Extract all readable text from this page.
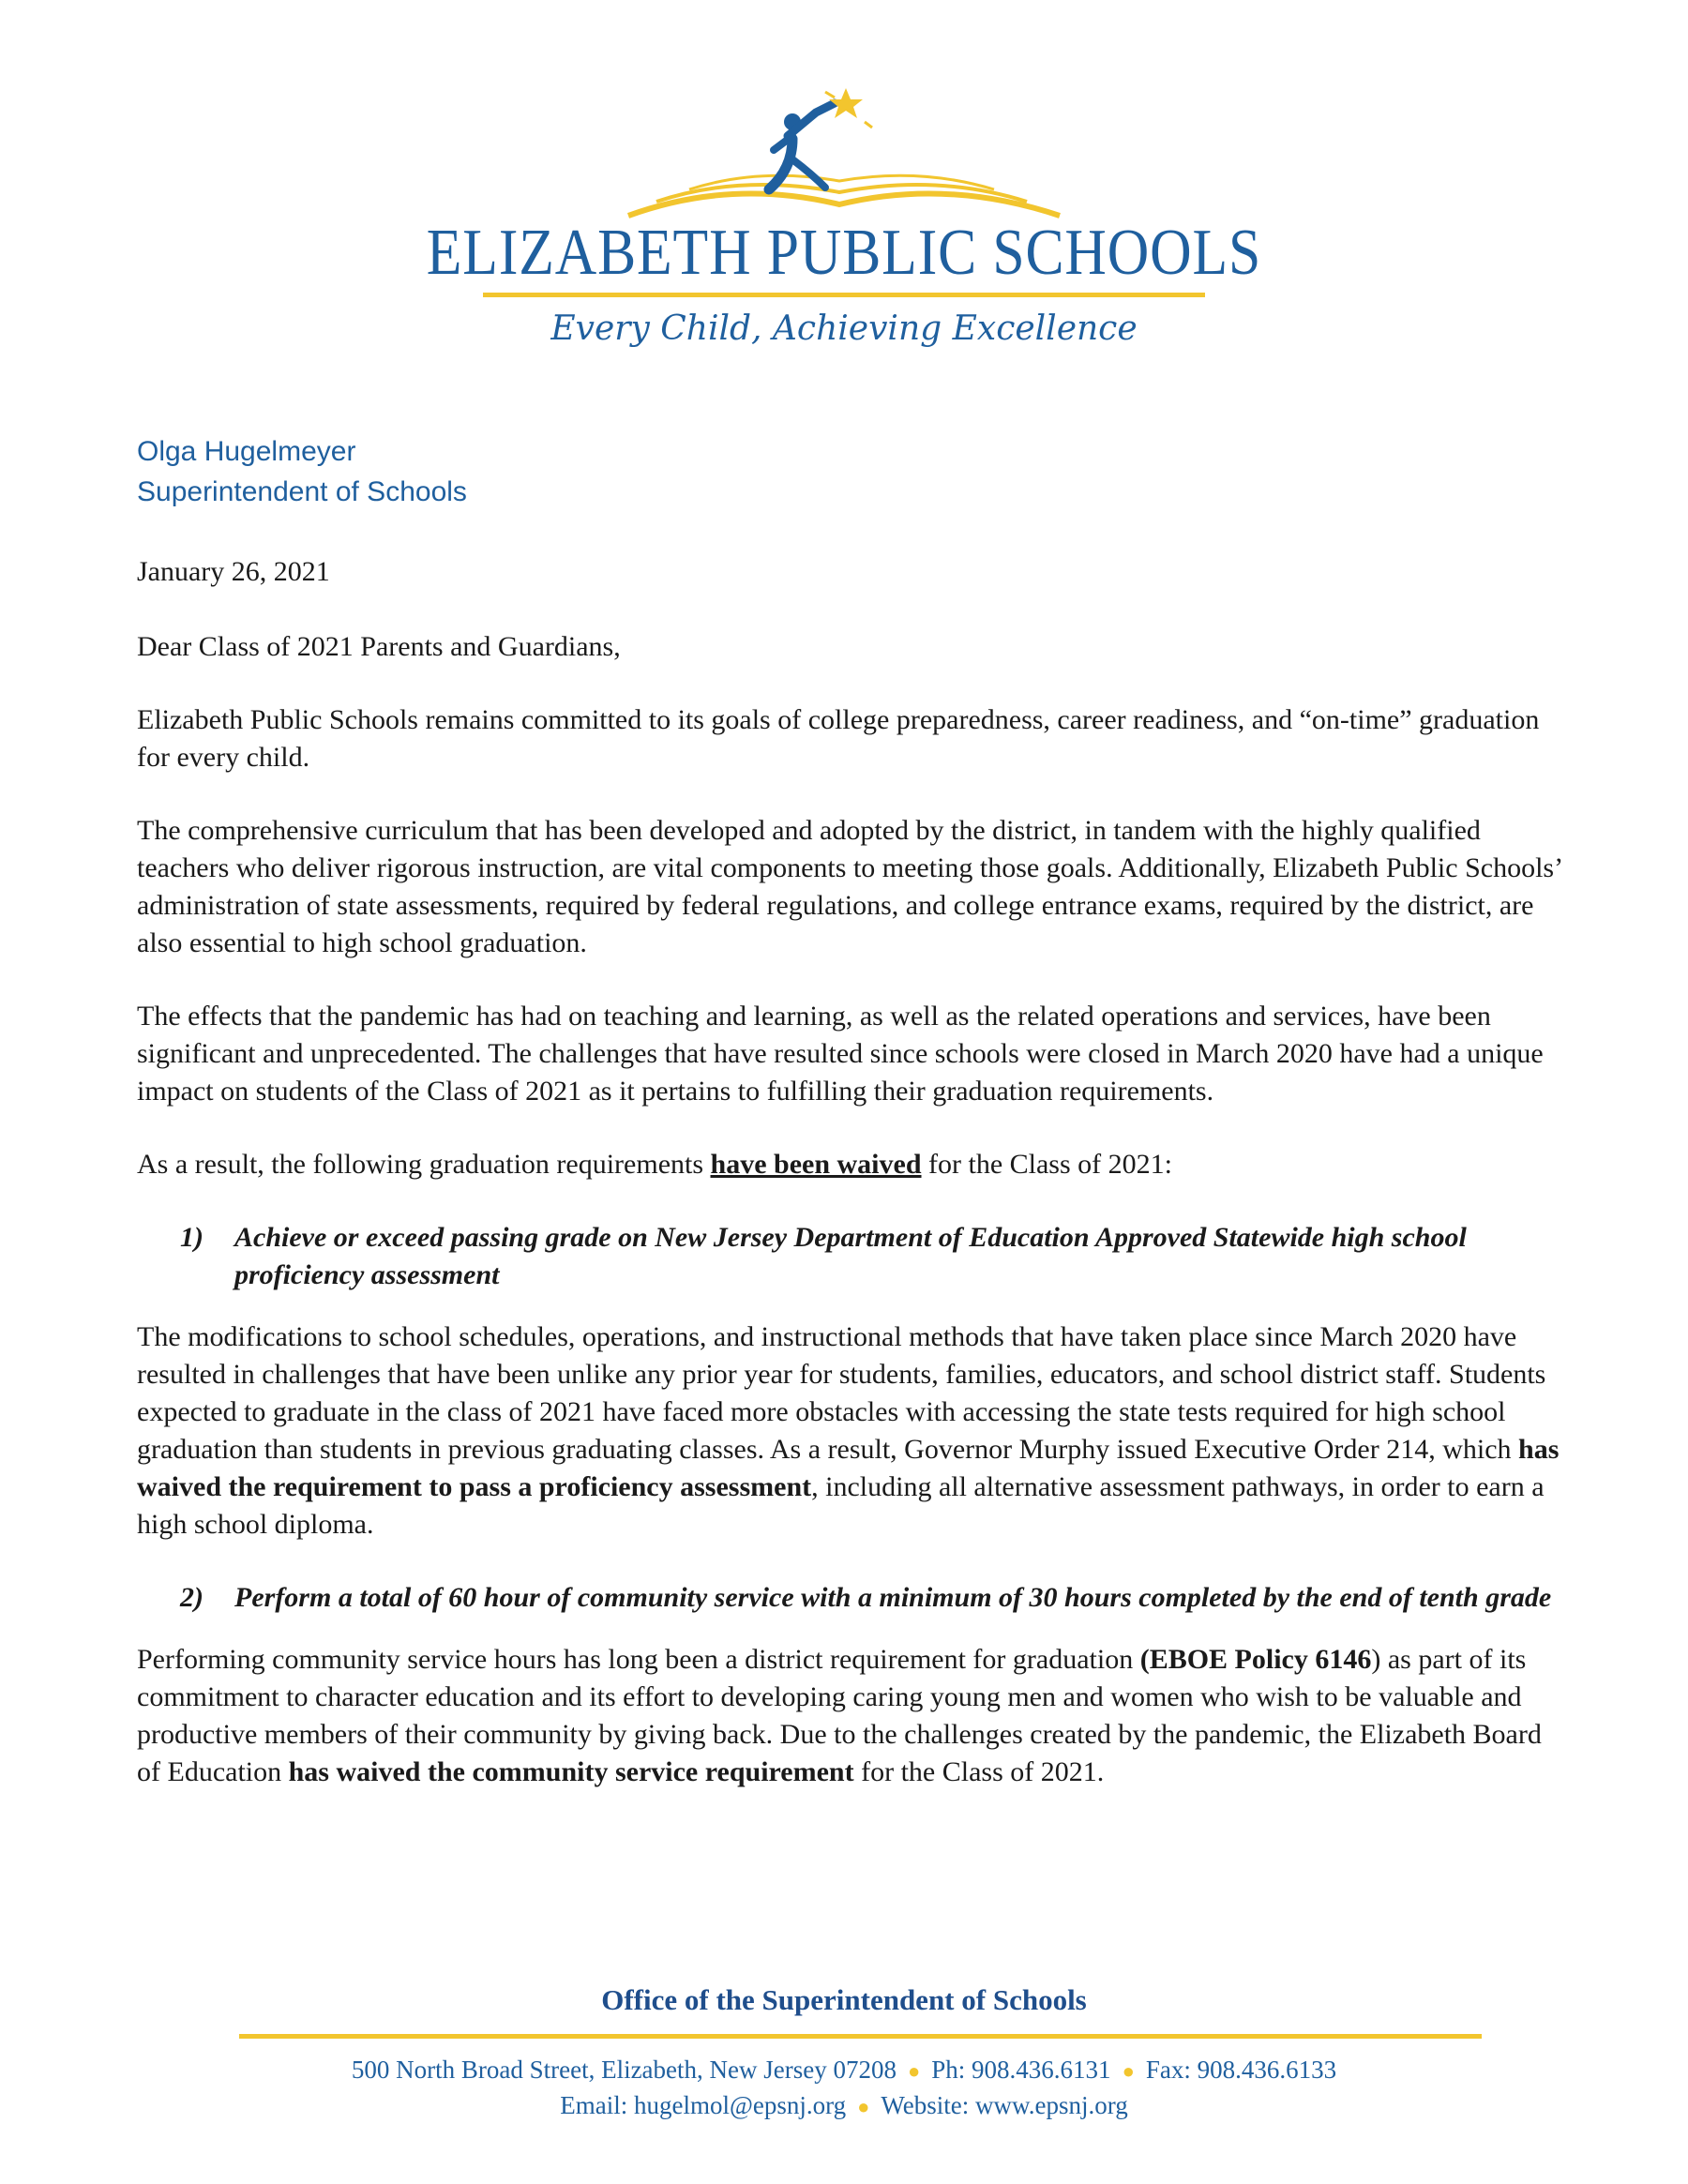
ELIZABETH PUBLIC SCHOOLS
Every Child, Achieving Excellence
Olga Hugelmeyer
Superintendent of Schools

January 26, 2021

Dear Class of 2021 Parents and Guardians,

Elizabeth Public Schools remains committed to its goals of college preparedness, career readiness, and “on-time” graduation for every child.

The comprehensive curriculum that has been developed and adopted by the district, in tandem with the highly qualified teachers who deliver rigorous instruction, are vital components to meeting those goals. Additionally, Elizabeth Public Schools’ administration of state assessments, required by federal regulations, and college entrance exams, required by the district, are also essential to high school graduation.

The effects that the pandemic has had on teaching and learning, as well as the related operations and services, have been significant and unprecedented. The challenges that have resulted since schools were closed in March 2020 have had a unique impact on students of the Class of 2021 as it pertains to fulfilling their graduation requirements.

As a result, the following graduation requirements have been waived for the Class of 2021:

1)	Achieve or exceed passing grade on New Jersey Department of Education Approved Statewide high school proficiency assessment

The modifications to school schedules, operations, and instructional methods that have taken place since March 2020 have resulted in challenges that have been unlike any prior year for students, families, educators, and school district staff. Students expected to graduate in the class of 2021 have faced more obstacles with accessing the state tests required for high school graduation than students in previous graduating classes. As a result, Governor Murphy issued Executive Order 214, which has waived the requirement to pass a proficiency assessment, including all alternative assessment pathways, in order to earn a high school diploma.

2)	Perform a total of 60 hour of community service with a minimum of 30 hours completed by the end of tenth grade

Performing community service hours has long been a district requirement for graduation (EBOE Policy 6146) as part of its commitment to character education and its effort to developing caring young men and women who wish to be valuable and productive members of their community by giving back. Due to the challenges created by the pandemic, the Elizabeth Board of Education has waived the community service requirement for the Class of 2021.

Office of the Superintendent of Schools
500 North Broad Street, Elizabeth, New Jersey 07208 ● Ph: 908.436.6131 ● Fax: 908.436.6133
Email: hugelmol@epsnj.org ● Website: www.epsnj.org
